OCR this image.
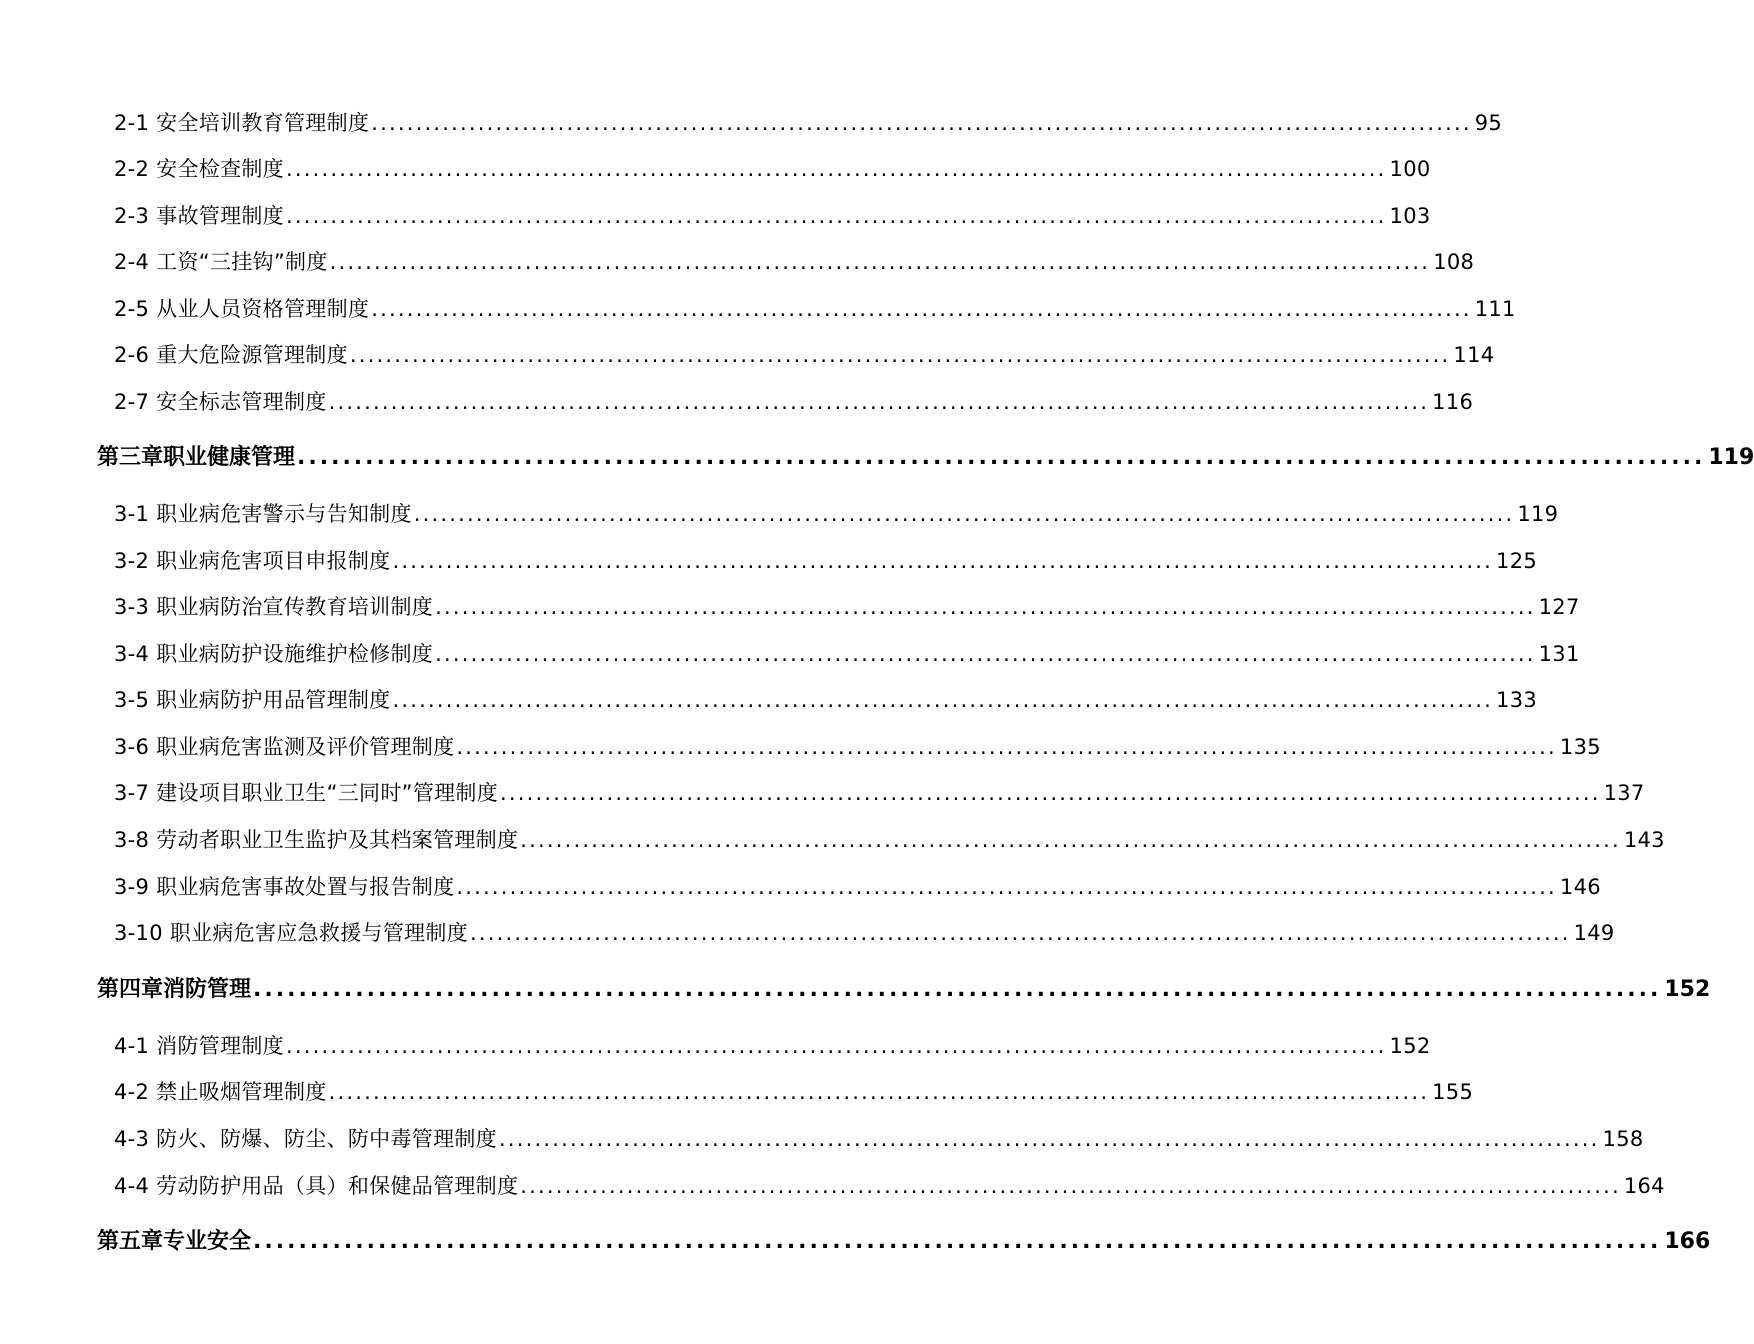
2-1 安全培训教育管理制度 ............................................................................................................................ 95
2-2 安全检查制度 ............................................................................................................................ 100
2-3 事故管理制度 ............................................................................................................................ 103
2-4 工资“三挂钩”制度 ............................................................................................................................ 108
2-5 从业人员资格管理制度 ............................................................................................................................ 111
2-6 重大危险源管理制度 ............................................................................................................................ 114
2-7 安全标志管理制度 ............................................................................................................................ 116
第三章职业健康管理 ............................................................................................................................ 119
3-1 职业病危害警示与告知制度 ............................................................................................................................ 119
3-2 职业病危害项目申报制度 ............................................................................................................................ 125
3-3 职业病防治宣传教育培训制度 ............................................................................................................................ 127
3-4 职业病防护设施维护检修制度 ............................................................................................................................ 131
3-5 职业病防护用品管理制度 ............................................................................................................................ 133
3-6 职业病危害监测及评价管理制度 ............................................................................................................................ 135
3-7 建设项目职业卫生“三同时”管理制度 ............................................................................................................................ 137
3-8 劳动者职业卫生监护及其档案管理制度 ............................................................................................................................ 143
3-9 职业病危害事故处置与报告制度 ............................................................................................................................ 146
3-10 职业病危害应急救援与管理制度 ............................................................................................................................ 149
第四章消防管理 ............................................................................................................................ 152
4-1 消防管理制度 ............................................................................................................................ 152
4-2 禁止吸烟管理制度 ............................................................................................................................ 155
4-3 防火、防爆、防尘、防中毒管理制度 ............................................................................................................................ 158
4-4 劳动防护用品（具）和保健品管理制度 ............................................................................................................................ 164
第五章专业安全 ............................................................................................................................ 166
